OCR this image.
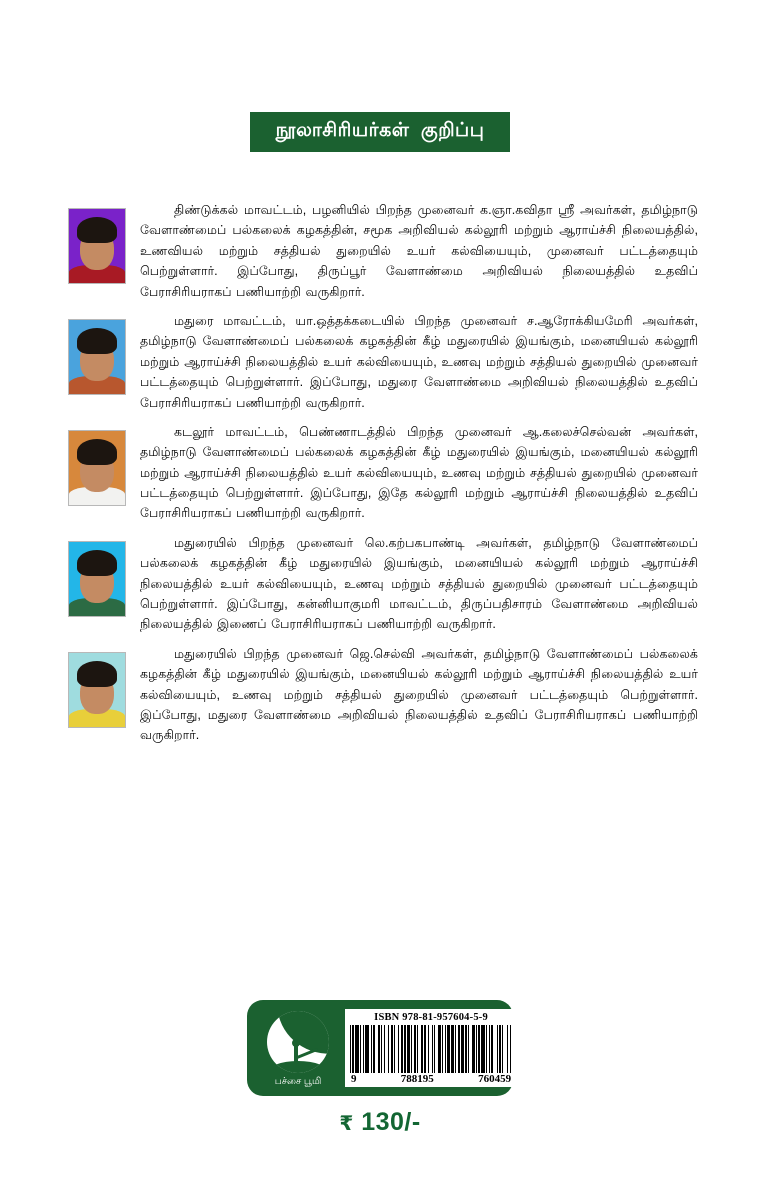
நூலாசிரியர்கள்  குறிப்பு
திண்டுக்கல் மாவட்டம், பழனியில் பிறந்த முனைவர் க.ஞா.கவிதா ஸ்ரீ அவர்கள், தமிழ்நாடு வேளாண்மைப் பல்கலைக் கழகத்தின், சமூக அறிவியல் கல்லூரி மற்றும் ஆராய்ச்சி நிலையத்தில், உணவியல் மற்றும் சத்தியல் துறையில் உயர் கல்வியையும், முனைவர் பட்டத்தையும் பெற்றுள்ளார். இப்போது, திருப்பூர் வேளாண்மை அறிவியல் நிலையத்தில் உதவிப் பேராசிரியராகப் பணியாற்றி வருகிறார்.
மதுரை மாவட்டம், யா.ஒத்தக்கடையில் பிறந்த முனைவர் ச.ஆரோக்கியமேரி அவர்கள், தமிழ்நாடு வேளாண்மைப் பல்கலைக் கழகத்தின் கீழ் மதுரையில் இயங்கும், மனையியல் கல்லூரி மற்றும் ஆராய்ச்சி நிலையத்தில் உயர் கல்வியையும், உணவு மற்றும் சத்தியல் துறையில் முனைவர் பட்டத்தையும் பெற்றுள்ளார். இப்போது, மதுரை வேளாண்மை அறிவியல் நிலையத்தில் உதவிப் பேராசிரியராகப் பணியாற்றி வருகிறார்.
கடலூர் மாவட்டம், பெண்ணாடத்தில் பிறந்த முனைவர் ஆ.கலைச்செல்வன் அவர்கள், தமிழ்நாடு வேளாண்மைப் பல்கலைக் கழகத்தின் கீழ் மதுரையில் இயங்கும், மனையியல் கல்லூரி மற்றும் ஆராய்ச்சி நிலையத்தில் உயர் கல்வியையும், உணவு மற்றும் சத்தியல் துறையில் முனைவர் பட்டத்தையும் பெற்றுள்ளார். இப்போது, இதே கல்லூரி மற்றும் ஆராய்ச்சி நிலையத்தில் உதவிப் பேராசிரியராகப் பணியாற்றி வருகிறார்.
மதுரையில் பிறந்த முனைவர் லெ.கற்பகபாண்டி அவர்கள், தமிழ்நாடு வேளாண்மைப் பல்கலைக் கழகத்தின் கீழ் மதுரையில் இயங்கும், மனையியல் கல்லூரி மற்றும் ஆராய்ச்சி நிலையத்தில் உயர் கல்வியையும், உணவு மற்றும் சத்தியல் துறையில் முனைவர் பட்டத்தையும் பெற்றுள்ளார். இப்போது, கன்னியாகுமரி மாவட்டம், திருப்பதிசாரம் வேளாண்மை அறிவியல் நிலையத்தில் இணைப் பேராசிரியராகப் பணியாற்றி வருகிறார்.
மதுரையில் பிறந்த முனைவர் ஜெ.செல்வி அவர்கள், தமிழ்நாடு வேளாண்மைப் பல்கலைக் கழகத்தின் கீழ் மதுரையில் இயங்கும், மனையியல் கல்லூரி மற்றும் ஆராய்ச்சி நிலையத்தில் உயர் கல்வியையும், உணவு மற்றும் சத்தியல் துறையில் முனைவர் பட்டத்தையும் பெற்றுள்ளார். இப்போது, மதுரை வேளாண்மை அறிவியல் நிலையத்தில் உதவிப் பேராசிரியராகப் பணியாற்றி வருகிறார்.
பச்சை பூமி
ISBN 978-81-957604-5-9
9	788195	760459
₹ 130/-
